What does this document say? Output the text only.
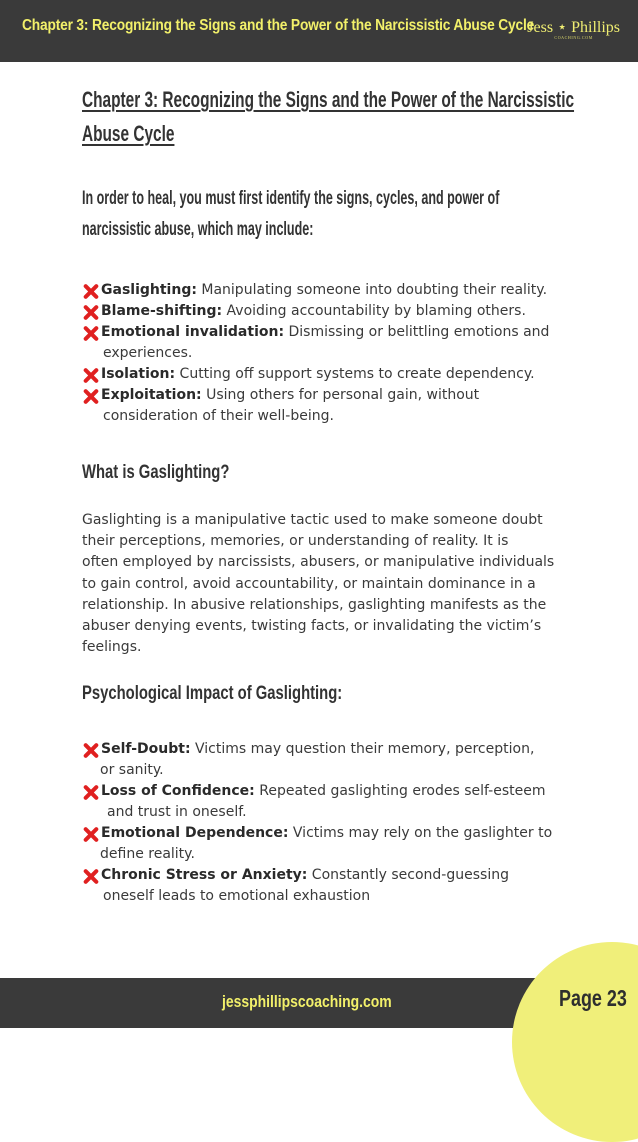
Chapter 3: Recognizing the Signs and the Power of the Narcissistic Abuse Cycle
Jess ⋆ Phillips
COACHING.COM
Chapter 3: Recognizing the Signs and the Power of the Narcissistic
Abuse Cycle
In order to heal, you must first identify the signs, cycles, and power of
narcissistic abuse, which may include:
Gaslighting: Manipulating someone into doubting their reality.
Blame-shifting: Avoiding accountability by blaming others.
Emotional invalidation: Dismissing or belittling emotions and
experiences.
Isolation: Cutting off support systems to create dependency.
Exploitation: Using others for personal gain, without
consideration of their well-being.
What is Gaslighting?
Gaslighting is a manipulative tactic used to make someone doubt
their perceptions, memories, or understanding of reality. It is
often employed by narcissists, abusers, or manipulative individuals
to gain control, avoid accountability, or maintain dominance in a
relationship. In abusive relationships, gaslighting manifests as the
abuser denying events, twisting facts, or invalidating the victim’s
feelings.
Psychological Impact of Gaslighting:
Self-Doubt: Victims may question their memory, perception,
or sanity.
Loss of Confidence: Repeated gaslighting erodes self-esteem
and trust in oneself.
Emotional Dependence: Victims may rely on the gaslighter to
define reality.
Chronic Stress or Anxiety: Constantly second-guessing
oneself leads to emotional exhaustion
jessphillipscoaching.com	Page 23
